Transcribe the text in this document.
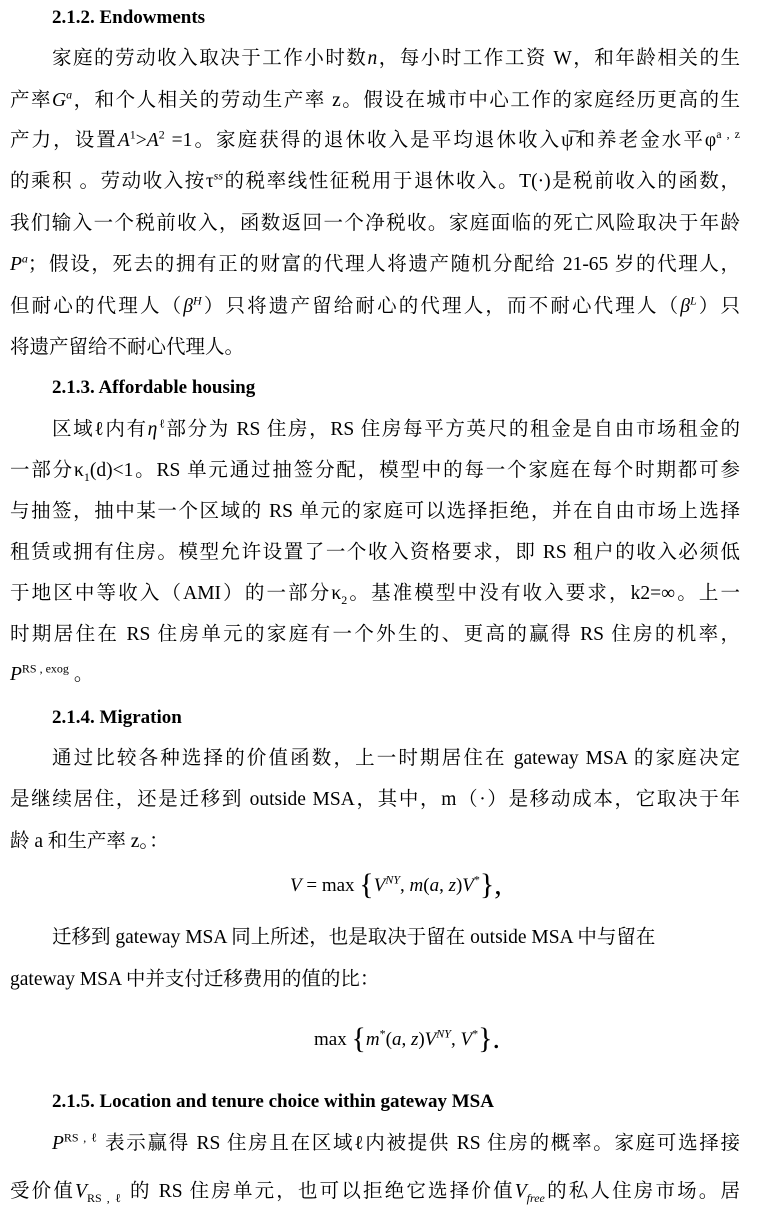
2.1.2. Endowments

家庭的劳动收入取决于工作小时数n，每小时工作工资 W，和年龄相关的生

产率$G^a$，和个人相关的劳动生产率 z。假设在城市中心工作的家庭经历更高的生

产力，设置$A^1>A^2 =1$。家庭获得的退休收入是平均退休收入ψ̅和养老金水平$\varphi^{a , z}$

的乘积 。劳动收入按$\tau^{ss}$的税率线性征税用于退休收入。T(·)是税前收入的函数，

我们输入一个税前收入，函数返回一个净税收。家庭面临的死亡风险取决于年龄

$P^a$；假设，死去的拥有正的财富的代理人将遗产随机分配给 21-65 岁的代理人，

但耐心的代理人$(\beta^H)$只将遗产留给耐心的代理人，而不耐心代理人$(\beta^L)$只

将遗产留给不耐心代理人。

2.1.3. Affordable housing

区域ℓ内有$\eta^\ell$部分为 RS 住房，RS 住房每平方英尺的租金是自由市场租金的

一部分$\kappa_1(d)<1$。RS 单元通过抽签分配，模型中的每一个家庭在每个时期都可参

与抽签，抽中某一个区域的 RS 单元的家庭可以选择拒绝，并在自由市场上选择

租赁或拥有住房。模型允许设置了一个收入资格要求，即 RS 租户的收入必须低

于地区中等收入（AMI）的一部分$\kappa_2$。基准模型中没有收入要求，k2=∞。上一

时期居住在 RS 住房单元的家庭有一个外生的、更高的赢得 RS 住房的机率，

$P^{RS , exog}$ 。

2.1.4. Migration

通过比较各种选择的价值函数，上一时期居住在 gateway MSA 的家庭决定

是继续居住，还是迁移到 outside MSA，其中，m（·）是移动成本，它取决于年

龄 a 和生产率 z。：

$V = \max \{V^{NY}$, m(a, z)V*},

迁移到 gateway MSA 同上所述，也是取决于留在 outside MSA 中与留在

gateway MSA 中并支付迁移费用的值的比：

max {m*(a, $z)V^{NY}$, V*}.
2.1.5. Location and tenure choice within gateway MSA

$P^{RS , \ell}$ 表示赢得 RS 住房且在区域ℓ内被提供 RS 住房的概率。家庭可选择接

受价值$V_{RS , \ell}$ 的 RS 住房单元，也可以拒绝它选择价值$V_{free}$的私人住房市场。居
